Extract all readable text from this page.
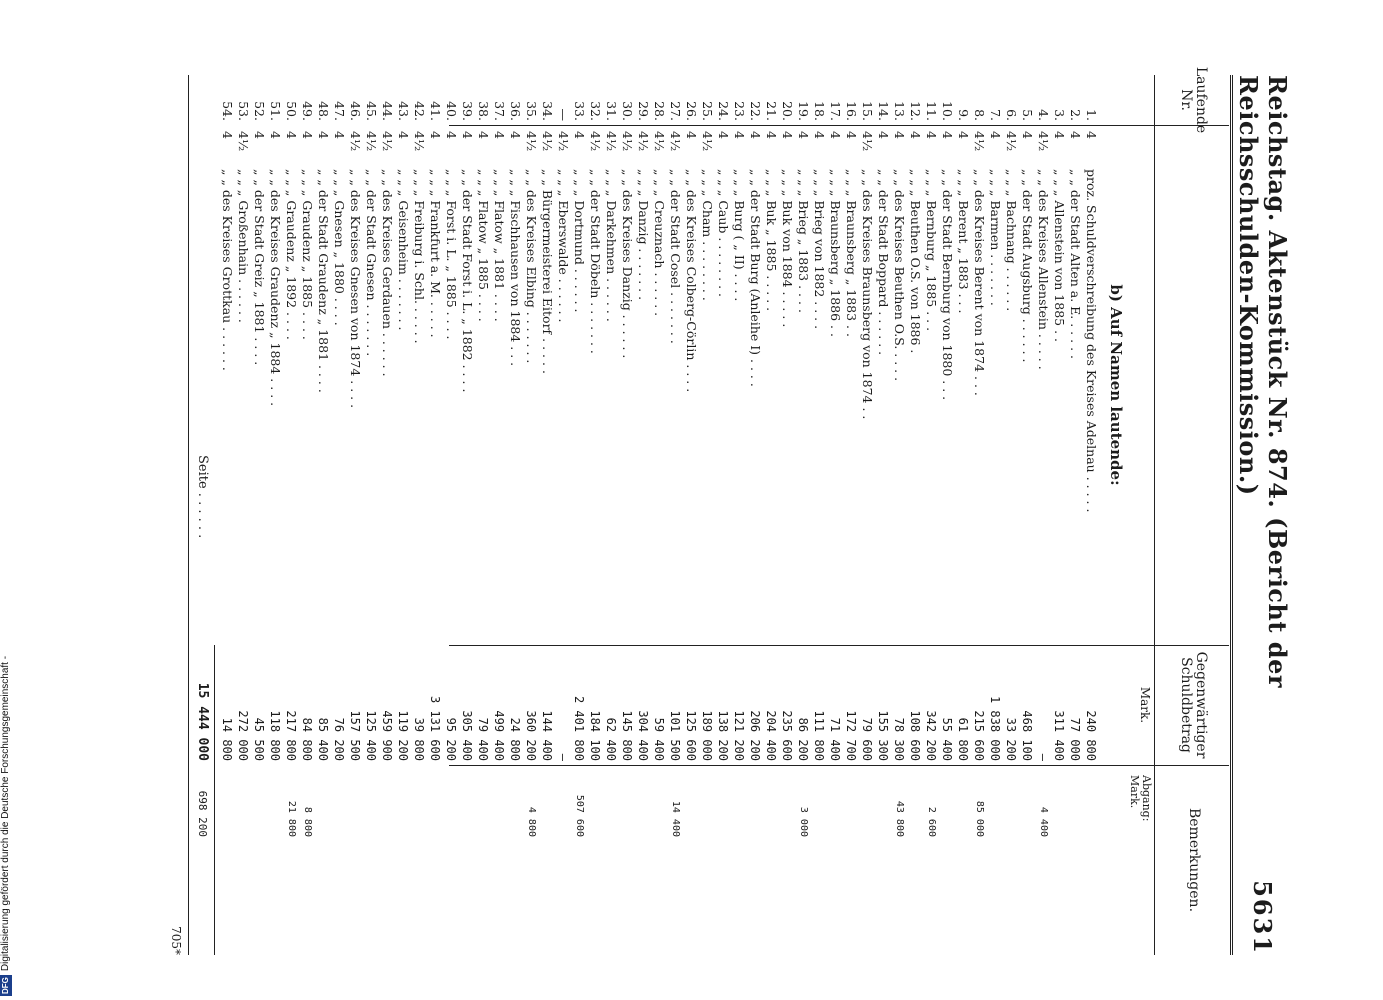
Reichstag. Aktenstück Nr. 874. (Bericht der Reichsschulden-Kommission.)
5631
Laufende Nr.
Gegenwärtiger Schuldbetrag
Bemerkungen.
Mark.
Abgang: Mark.
b) Auf Namen lautende:
1.
4
proz. Schuldverschreibung des Kreises Adelnau . . . . .
240 800
2.
4
„ „ der Stadt Alten a. E. . . . . .
77 000
3.
4
„ „ „ Allenstein von 1885 . .
311 400
4.
4½
„ „ des Kreises Allenstein . . . . .
—
4 400
5.
4
„ „ der Stadt Augsburg . . . . . .
468 100
6.
4½
„ „ „ Bachnang . . . . . .
33 200
7.
4
„ „ „ Barmen . . . . . . .
1 838 000
8.
4½
„ „ des Kreises Berent von 1874 . . .
215 600
85 000
9.
4
„ „ „ Berent „ 1883 . . .
61 800
10.
4
„ „ der Stadt Bernburg von 1880 . . .
55 400
11.
4
„ „ „ Bernburg „ 1885 . . .
342 200
2 600
12.
4
„ „ „ Beuthen O.S. von 1886 .
108 600
13.
4
„ „ des Kreises Beuthen O.S. . . . .
78 300
43 800
14.
4
„ „ der Stadt Boppard . . . . . .
155 300
15.
4½
„ „ des Kreises Braunsberg von 1874 . .
79 600
16.
4
„ „ „ Braunsberg „ 1883 . .
172 700
17.
4
„ „ „ Braunsberg „ 1886 . .
71 400
18.
4
„ „ „ Brieg von 1882 . . . .
111 800
19.
4
„ „ „ Brieg „ 1883 . . . .
86 200
3 000
20.
4
„ „ „ Buk von 1884 . . . . .
235 600
21.
4
„ „ „ Buk „ 1885 . . . . .
204 400
22.
4
„ „ der Stadt Burg (Anleihe I) . . . .
206 200
23.
4
„ „ „ Burg ( „ II) . . . .
121 200
24.
4
„ „ „ Caub . . . . . . . .
138 200
25.
4½
„ „ „ Cham . . . . . . . .
189 000
26.
4
„ „ des Kreises Colberg-Cörlin . . . .
125 600
27.
4½
„ „ der Stadt Cosel . . . . . . .
101 500
14 400
28.
4½
„ „ „ Creuznach . . . . . .
59 400
29.
4½
„ „ „ Danzig . . . . . . .
304 400
30.
4½
„ „ des Kreises Danzig . . . . . .
145 800
31.
4½
„ „ „ Darkehmen . . . . . .
62 400
32.
4½
„ „ der Stadt Döbeln . . . . . . .
184 100
33.
4
„ „ „ Dortmund . . . . . .
2 401 800
507 600
—
4½
„ „ „ Eberswalde . . . . . .
—
34.
4½
„ „ Bürgermeisterei Eitorf . . . . .
144 400
35.
4½
„ „ des Kreises Elbing . . . . . . .
360 200
4 800
36.
4
„ „ „ Fischhausen von 1884 . . .
24 800
37.
4
„ „ „ Flatow „ 1881 . . . .
499 400
38.
4
„ „ „ Flatow „ 1885 . . . .
79 400
39.
4
„ „ der Stadt Forst i. L. „ 1882 . . . .
305 400
40.
4
„ „ „ Forst i. L. „ 1885 . . . .
95 200
41.
4
„ „ „ Frankfurt a. M. . . . . .
3 131 600
42.
4½
„ „ „ Freiburg i. Schl. . . . . .
39 800
43.
4
„ „ „ Geisenheim . . . . . . .
119 200
44.
4½
„ „ des Kreises Gerdauen . . . . . .
459 900
45.
4½
„ „ der Stadt Gnesen . . . . . . .
125 400
46.
4½
„ „ des Kreises Gnesen von 1874 . . . .
157 500
47.
4
„ „ „ Gnesen „ 1880 . . . .
76 200
48.
4
„ „ der Stadt Graudenz „ 1881 . . . .
85 400
49.
4
„ „ „ Graudenz „ 1885 . . . .
84 800
8 800
50.
4
„ „ „ Graudenz „ 1892 . . . .
217 800
21 800
51.
4
„ „ des Kreises Graudenz „ 1884 . . . .
118 800
52.
4
„ „ der Stadt Greiz „ 1881 . . . .
45 500
53.
4½
„ „ „ Großenhain . . . . . .
272 000
54.
4
„ „ des Kreises Grottkau . . . . . .
14 800
Seite . . . . . .
15 444 000
698 200
705*
DFGDigitalisierung gefördert durch die Deutsche Forschungsgemeinschaft -
